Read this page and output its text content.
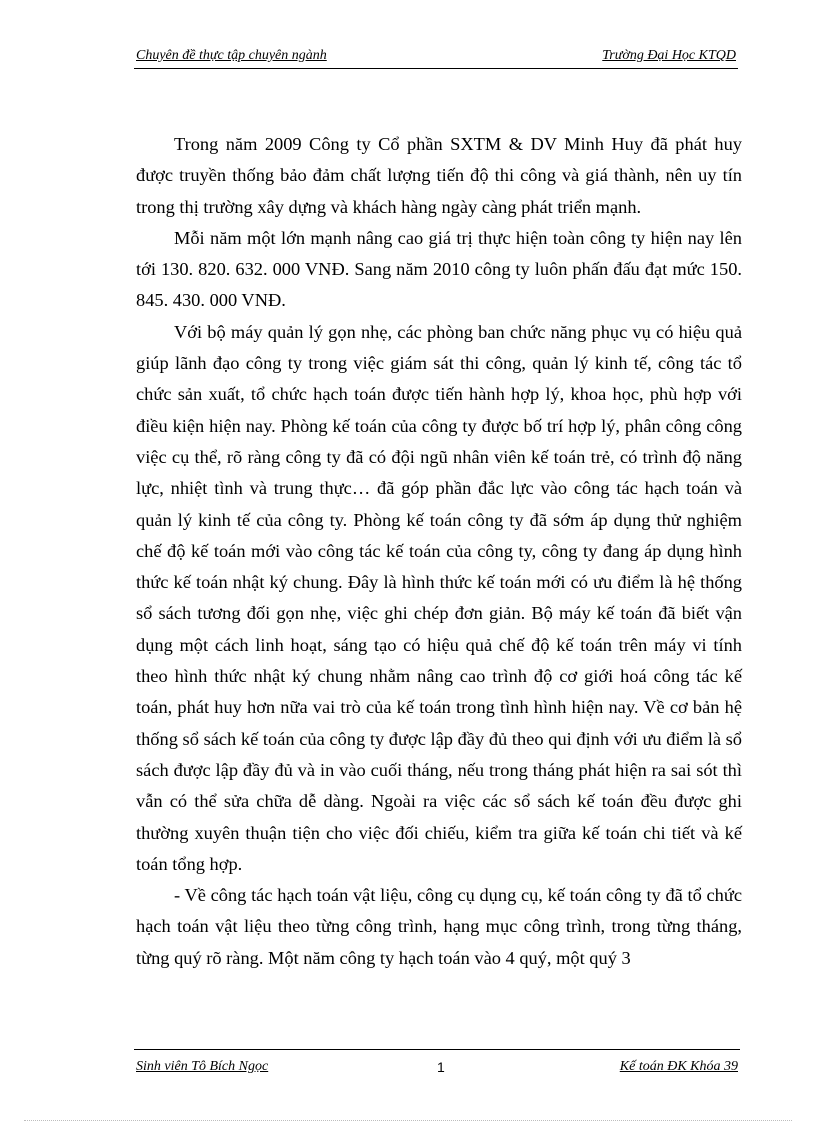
Chuyên đề thực tập chuyên ngành	Trường Đại Học KTQD

Trong năm 2009 Công ty Cổ phần SXTM & DV Minh Huy đã phát huy được truyền thống bảo đảm chất lượng tiến độ thi công và giá thành, nên uy tín trong thị trường xây dựng và khách hàng ngày càng phát triển mạnh.

Mỗi năm một lớn mạnh nâng cao giá trị thực hiện toàn công ty hiện nay lên tới 130. 820. 632. 000 VNĐ. Sang năm 2010 công ty luôn phấn đấu đạt mức 150. 845. 430. 000 VNĐ.

Với bộ máy quản lý gọn nhẹ, các phòng ban chức năng phục vụ có hiệu quả giúp lãnh đạo công ty trong việc giám sát thi công, quản lý kinh tế, công tác tổ chức sản xuất, tổ chức hạch toán được tiến hành hợp lý, khoa học, phù hợp với điều kiện hiện nay. Phòng kế toán của công ty được bố trí hợp lý, phân công công việc cụ thể, rõ ràng công ty đã có đội ngũ nhân viên kế toán trẻ, có trình độ năng lực, nhiệt tình và trung thực… đã góp phần đắc lực vào công tác hạch toán và quản lý kinh tế của công ty. Phòng kế toán công ty đã sớm áp dụng thử nghiệm chế độ kế toán mới vào công tác kế toán của công ty, công ty đang áp dụng hình thức kế toán nhật ký chung. Đây là hình thức kế toán mới có ưu điểm là hệ thống sổ sách tương đối gọn nhẹ, việc ghi chép đơn giản. Bộ máy kế toán đã biết vận dụng một cách linh hoạt, sáng tạo có hiệu quả chế độ kế toán trên máy vi tính theo hình thức nhật ký chung nhằm nâng cao trình độ cơ giới hoá công tác kế toán, phát huy hơn nữa vai trò của kế toán trong tình hình hiện nay. Về cơ bản hệ thống sổ sách kế toán của công ty được lập đầy đủ theo qui định với ưu điểm là sổ sách được lập đầy đủ và in vào cuối tháng, nếu trong tháng phát hiện ra sai sót thì vẫn có thể sửa chữa dễ dàng. Ngoài ra việc các sổ sách kế toán đều được ghi thường xuyên thuận tiện cho việc đối chiếu, kiểm tra giữa kế toán chi tiết và kế toán tổng hợp.

- Về công tác hạch toán vật liệu, công cụ dụng cụ, kế toán công ty đã tổ chức hạch toán vật liệu theo từng công trình, hạng mục công trình, trong từng tháng, từng quý rõ ràng. Một năm công ty hạch toán vào 4 quý, một quý 3

Sinh viên Tô Bích Ngọc	1	Kế toán ĐK Khóa 39
